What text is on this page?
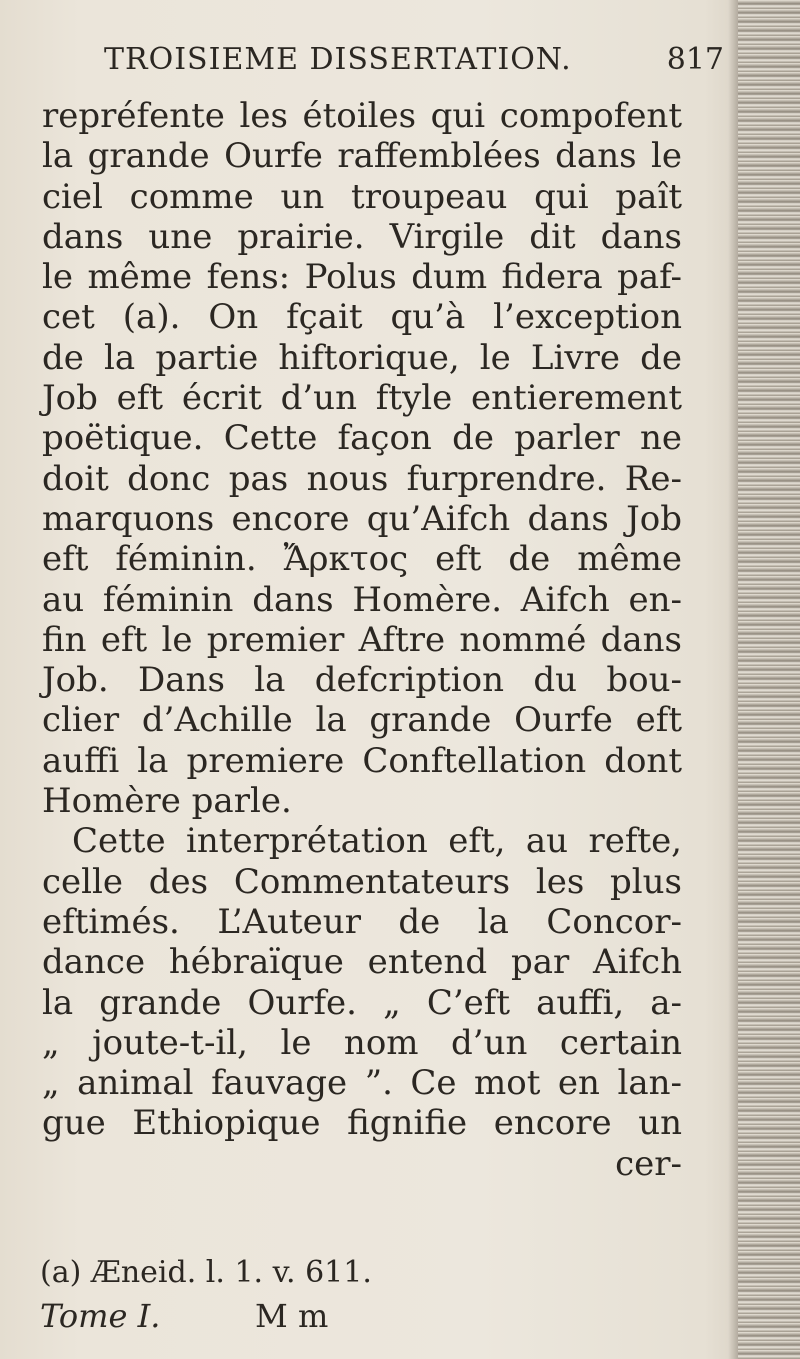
TROISIEME DISSERTATION.	817
repréfente les étoiles qui compofent
la grande Ourfe raffemblées dans le
ciel comme un troupeau qui paît
dans une prairie. Virgile dit dans
le même fens: Polus dum fidera paf-
cet (a). On fçait qu’à l’exception
de la partie hiftorique, le Livre de
Job eft écrit d’un ftyle entierement
poëtique. Cette façon de parler ne
doit donc pas nous furprendre. Re-
marquons encore qu’Aifch dans Job
eft féminin. Ἄρκτος eft de même
au féminin dans Homère. Aifch en-
fin eft le premier Aftre nommé dans
Job. Dans la defcription du bou-
clier d’Achille la grande Ourfe eft
auffi la premiere Conftellation dont
Homère parle.
Cette interprétation eft, au refte,
celle des Commentateurs les plus
eftimés. L’Auteur de la Concor-
dance hébraïque entend par Aifch
la grande Ourfe. „ C’eft auffi, a-
„ joute-t-il, le nom d’un certain
„ animal fauvage ”. Ce mot en lan-
gue Ethiopique fignifie encore un
cer-
(a) Æneid. l. 1. v. 611.
Tome I.	M m
